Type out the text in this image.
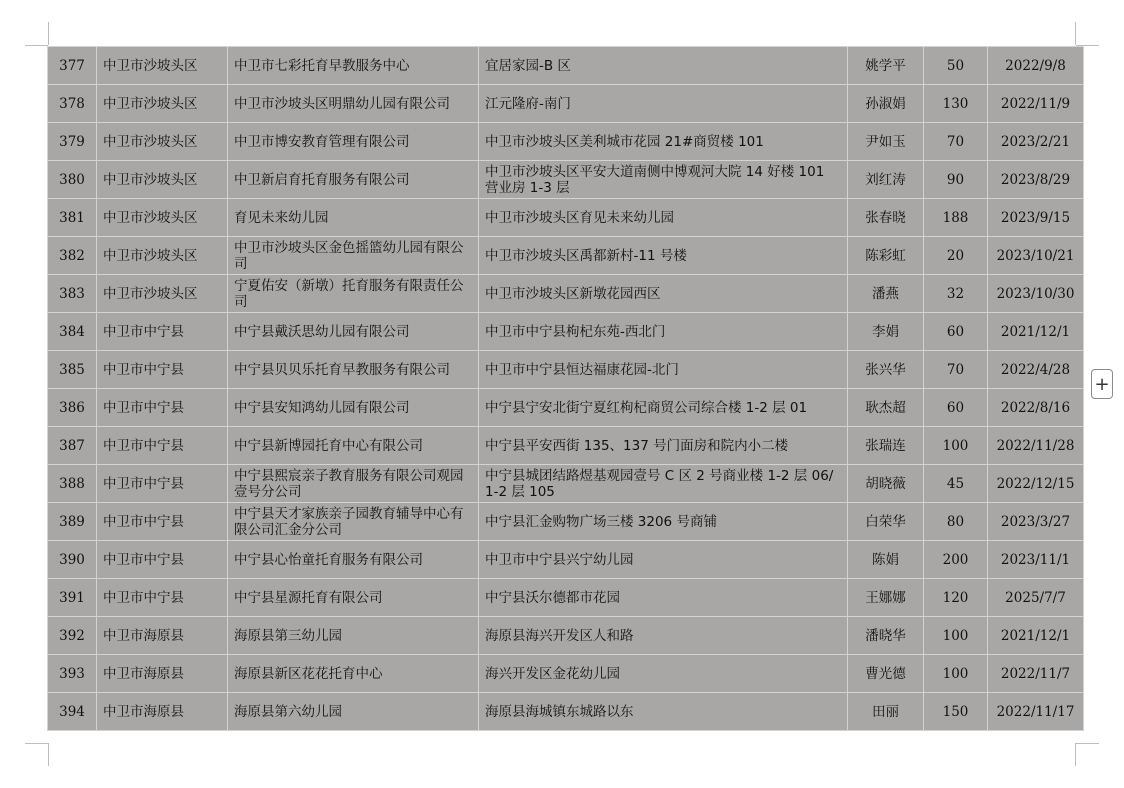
377	中卫市沙坡头区	中卫市七彩托育早教服务中心	宜居家园-B 区	姚学平	50	2022/9/8
378	中卫市沙坡头区	中卫市沙坡头区明鼎幼儿园有限公司	江元隆府-南门	孙淑娟	130	2022/11/9
379	中卫市沙坡头区	中卫市博安教育管理有限公司	中卫市沙坡头区美利城市花园 21#商贸楼 101	尹如玉	70	2023/2/21
380	中卫市沙坡头区	中卫新启育托育服务有限公司	中卫市沙坡头区平安大道南侧中博观河大院 14 好楼 101 营业房 1-3 层	刘红涛	90	2023/8/29
381	中卫市沙坡头区	育见未来幼儿园	中卫市沙坡头区育见未来幼儿园	张春晓	188	2023/9/15
382	中卫市沙坡头区	中卫市沙坡头区金色摇篮幼儿园有限公司	中卫市沙坡头区禹都新村-11 号楼	陈彩虹	20	2023/10/21
383	中卫市沙坡头区	宁夏佑安（新墩）托育服务有限责任公司	中卫市沙坡头区新墩花园西区	潘燕	32	2023/10/30
384	中卫市中宁县	中宁县戴沃思幼儿园有限公司	中卫市中宁县枸杞东苑-西北门	李娟	60	2021/12/1
385	中卫市中宁县	中宁县贝贝乐托育早教服务有限公司	中卫市中宁县恒达福康花园-北门	张兴华	70	2022/4/28
386	中卫市中宁县	中宁县安知鸿幼儿园有限公司	中宁县宁安北街宁夏红枸杞商贸公司综合楼 1-2 层 01	耿杰超	60	2022/8/16
387	中卫市中宁县	中宁县新博园托育中心有限公司	中宁县平安西街 135、137 号门面房和院内小二楼	张瑞连	100	2022/11/28
388	中卫市中宁县	中宁县熙宸亲子教育服务有限公司观园壹号分公司	中宁县城团结路煜基观园壹号 C 区 2 号商业楼 1-2 层 06/1-2 层 105	胡晓薇	45	2022/12/15
389	中卫市中宁县	中宁县天才家族亲子园教育辅导中心有限公司汇金分公司	中宁县汇金购物广场三楼 3206 号商铺	白荣华	80	2023/3/27
390	中卫市中宁县	中宁县心怡童托育服务有限公司	中卫市中宁县兴宁幼儿园	陈娟	200	2023/11/1
391	中卫市中宁县	中宁县星源托育有限公司	中宁县沃尔德都市花园	王娜娜	120	2025/7/7
392	中卫市海原县	海原县第三幼儿园	海原县海兴开发区人和路	潘晓华	100	2021/12/1
393	中卫市海原县	海原县新区花花托育中心	海兴开发区金花幼儿园	曹光德	100	2022/11/7
394	中卫市海原县	海原县第六幼儿园	海原县海城镇东城路以东	田丽	150	2022/11/17
+
